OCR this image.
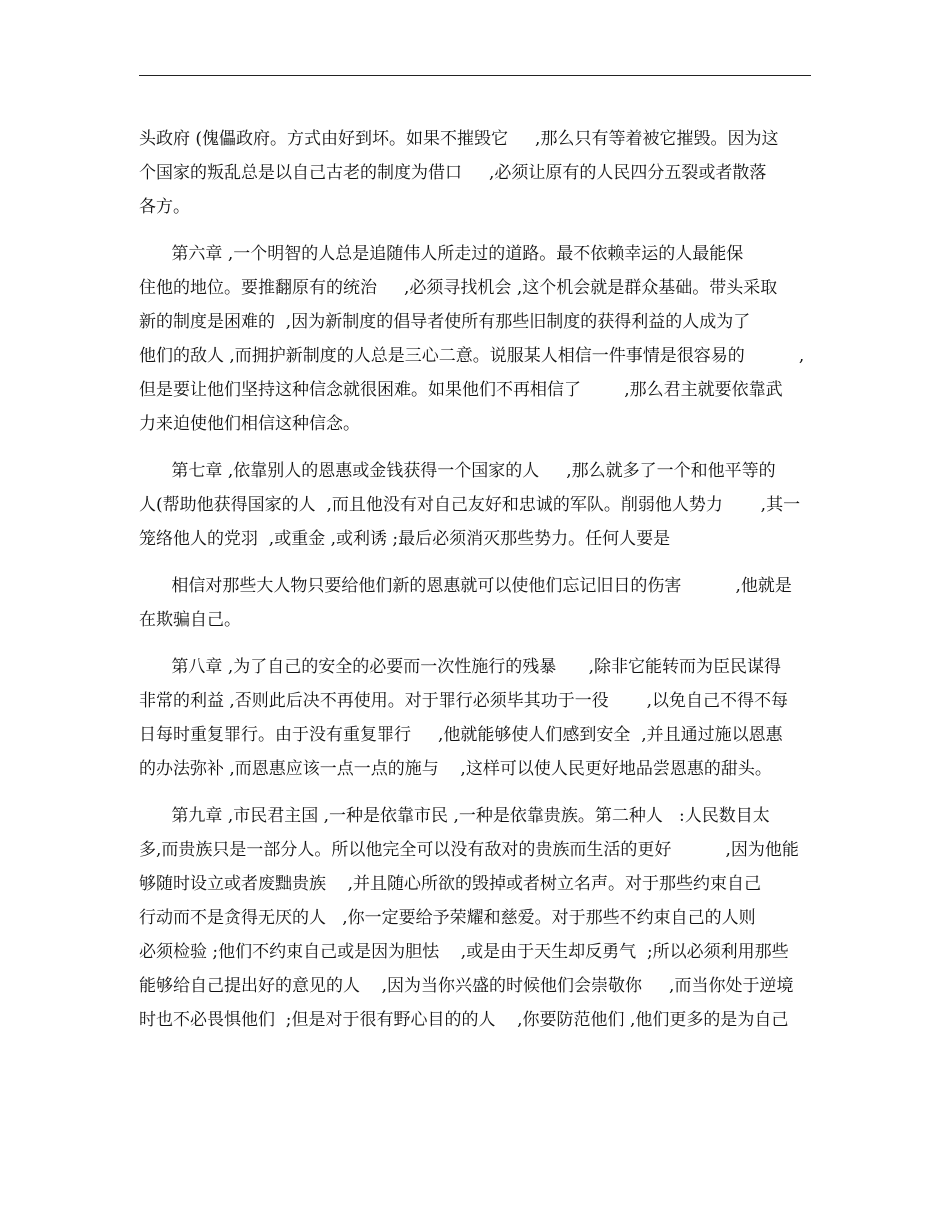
头政府 (傀儡政府。方式由好到坏。如果不摧毁它     ,那么只有等着被它摧毁。因为这
个国家的叛乱总是以自己古老的制度为借口     ,必须让原有的人民四分五裂或者散落
各方。
第六章 ,一个明智的人总是追随伟人所走过的道路。最不依赖幸运的人最能保
住他的地位。要推翻原有的统治     ,必须寻找机会 ,这个机会就是群众基础。带头采取
新的制度是困难的  ,因为新制度的倡导者使所有那些旧制度的获得利益的人成为了
他们的敌人 ,而拥护新制度的人总是三心二意。说服某人相信一件事情是很容易的          ,
但是要让他们坚持这种信念就很困难。如果他们不再相信了        ,那么君主就要依靠武
力来迫使他们相信这种信念。
第七章 ,依靠别人的恩惠或金钱获得一个国家的人     ,那么就多了一个和他平等的
人(帮助他获得国家的人  ,而且他没有对自己友好和忠诚的军队。削弱他人势力       ,其一
笼络他人的党羽  ,或重金 ,或利诱 ;最后必须消灭那些势力。任何人要是
相信对那些大人物只要给他们新的恩惠就可以使他们忘记旧日的伤害          ,他就是
在欺骗自己。
第八章 ,为了自己的安全的必要而一次性施行的残暴      ,除非它能转而为臣民谋得
非常的利益 ,否则此后决不再使用。对于罪行必须毕其功于一役       ,以免自己不得不每
日每时重复罪行。由于没有重复罪行     ,他就能够使人们感到安全  ,并且通过施以恩惠
的办法弥补 ,而恩惠应该一点一点的施与    ,这样可以使人民更好地品尝恩惠的甜头。
第九章 ,市民君主国 ,一种是依靠市民 ,一种是依靠贵族。第二种人   :人民数目太
多,而贵族只是一部分人。所以他完全可以没有敌对的贵族而生活的更好          ,因为他能
够随时设立或者废黜贵族    ,并且随心所欲的毁掉或者树立名声。对于那些约束自己
行动而不是贪得无厌的人   ,你一定要给予荣耀和慈爱。对于那些不约束自己的人则
必须检验 ;他们不约束自己或是因为胆怯    ,或是由于天生却反勇气  ;所以必须利用那些
能够给自己提出好的意见的人    ,因为当你兴盛的时候他们会崇敬你     ,而当你处于逆境
时也不必畏惧他们  ;但是对于很有野心目的的人    ,你要防范他们 ,他们更多的是为自己
